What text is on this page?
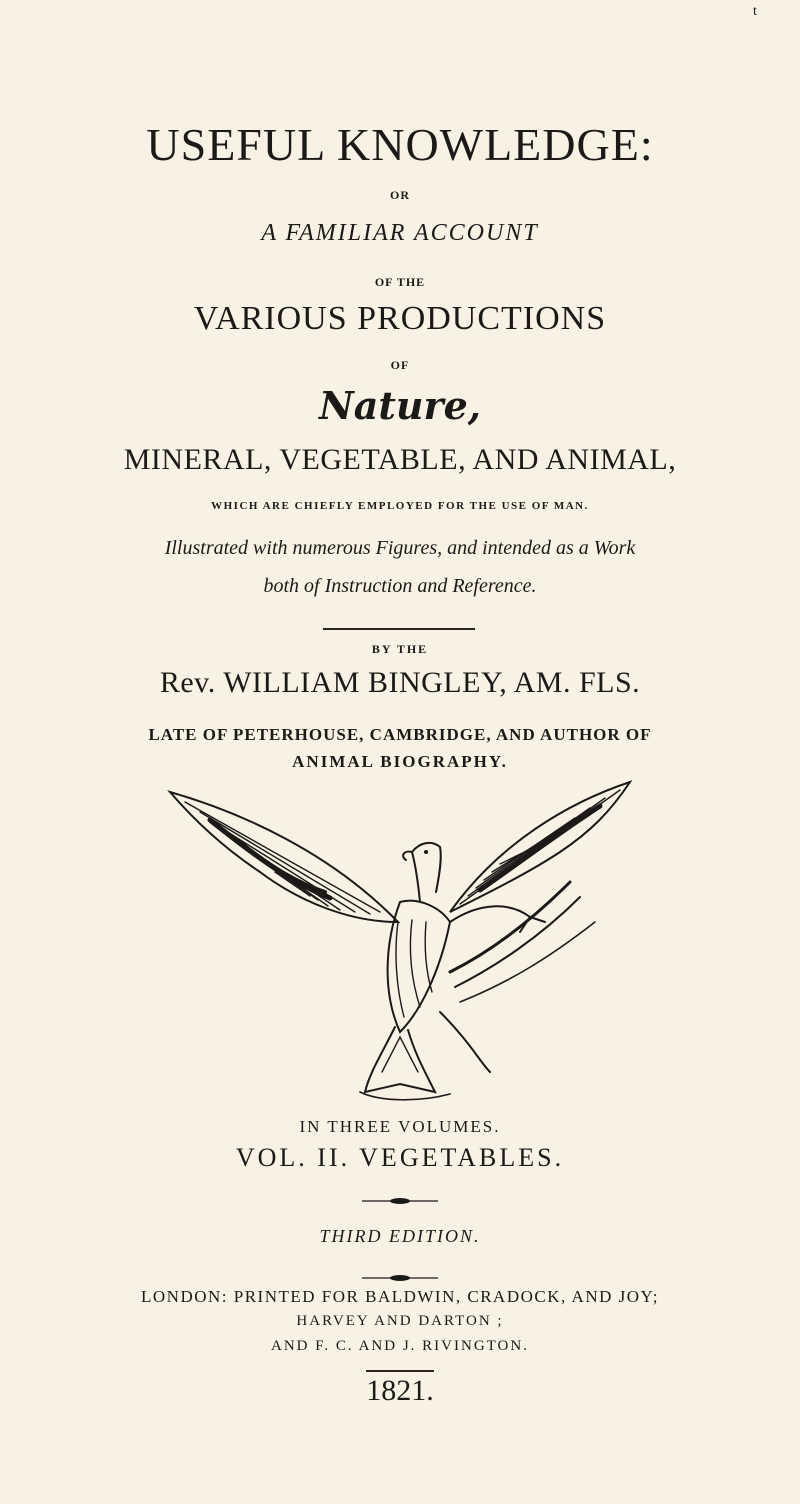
t
USEFUL KNOWLEDGE:
OR
A FAMILIAR ACCOUNT
OF THE
VARIOUS PRODUCTIONS
OF
Nature,
MINERAL, VEGETABLE, AND ANIMAL,
WHICH ARE CHIEFLY EMPLOYED FOR THE USE OF MAN.
Illustrated with numerous Figures, and intended as a Work
both of Instruction and Reference.
BY THE
Rev. WILLIAM BINGLEY, AM. FLS.
LATE OF PETERHOUSE, CAMBRIDGE, AND AUTHOR OF
ANIMAL BIOGRAPHY.
IN THREE VOLUMES.
VOL. II. VEGETABLES.
THIRD EDITION.
LONDON: PRINTED FOR BALDWIN, CRADOCK, AND JOY;
HARVEY AND DARTON ;
AND F. C. AND J. RIVINGTON.
1821.
